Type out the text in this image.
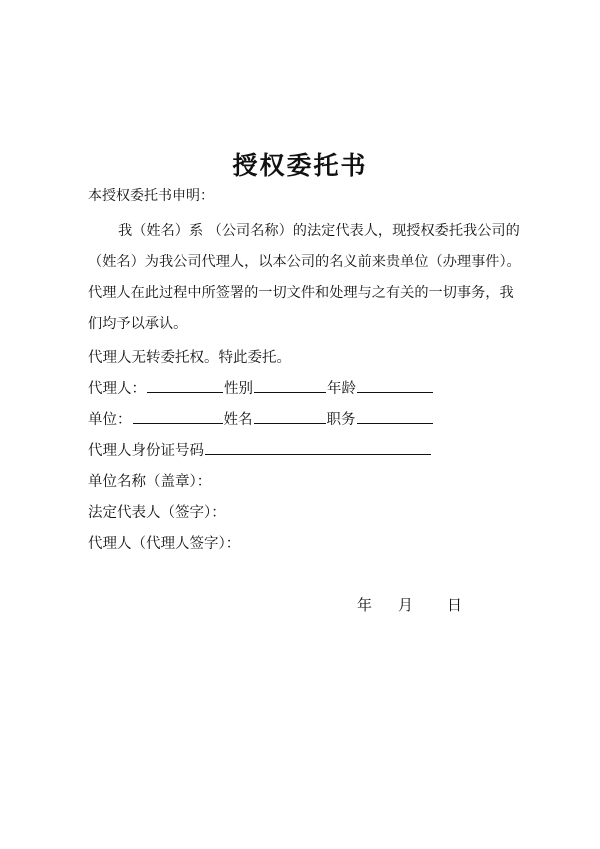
授权委托书
本授权委托书申明：
我（姓名）系 （公司名称）的法定代表人，现授权委托我公司的（姓名）为我公司代理人，以本公司的名义前来贵单位（办理事件）。代理人在此过程中所签署的一切文件和处理与之有关的一切事务，我们均予以承认。
代理人无转委托权。特此委托。
代理人：	性别	年龄
单位：	姓名	职务
代理人身份证号码
单位名称（盖章）：
法定代表人（签字）：
代理人（代理人签字）：
年 月 日
